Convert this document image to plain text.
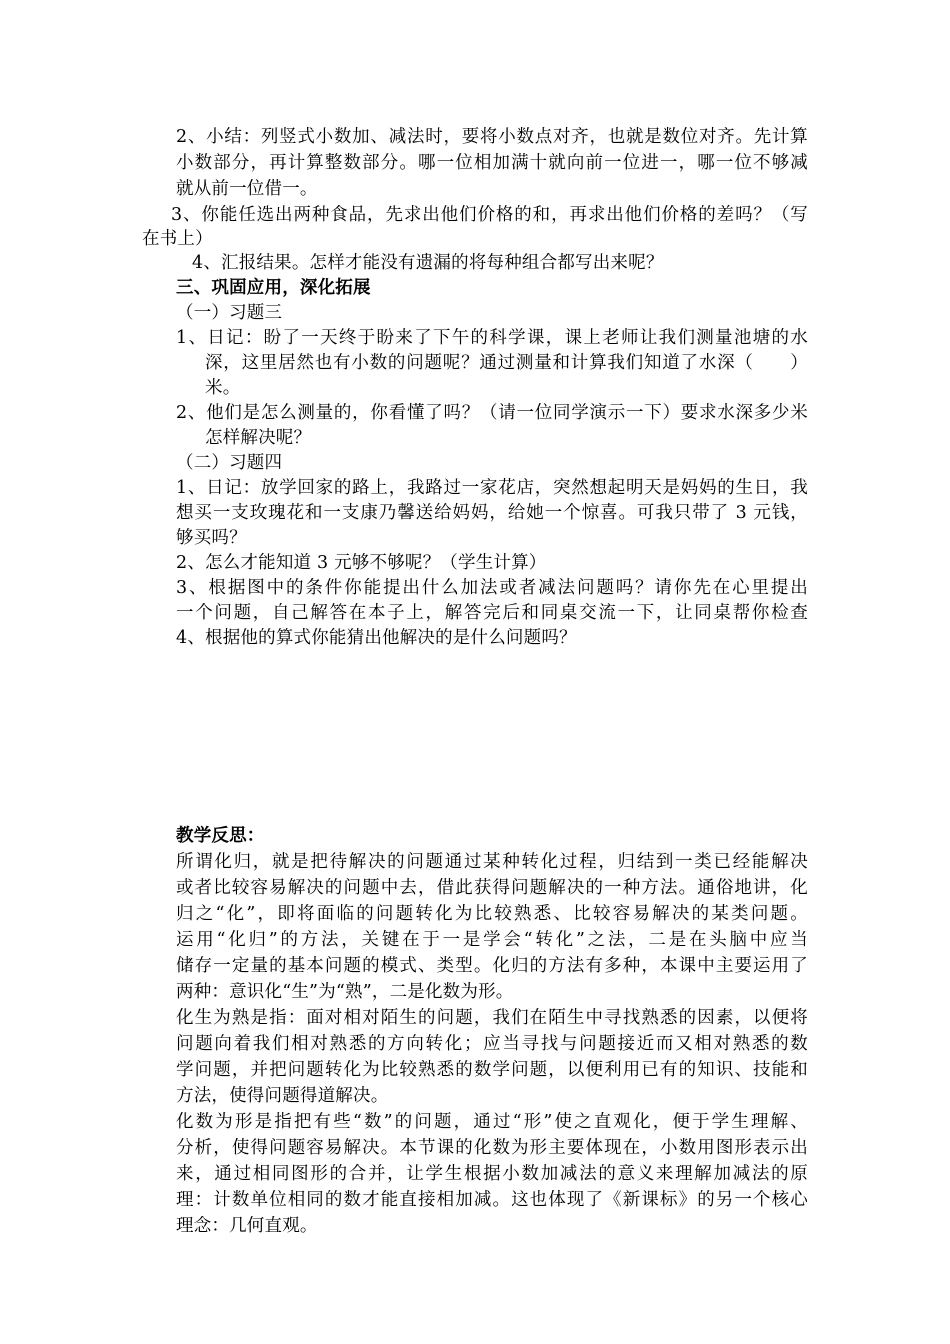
2、小结：列竖式小数加、减法时，要将小数点对齐，也就是数位对齐。先计算
小数部分，再计算整数部分。哪一位相加满十就向前一位进一，哪一位不够减
就从前一位借一。
3、你能任选出两种食品，先求出他们价格的和，再求出他们价格的差吗？（写
在书上）
4、汇报结果。怎样才能没有遗漏的将每种组合都写出来呢？
三、巩固应用，深化拓展
（一）习题三
1、日记：盼了一天终于盼来了下午的科学课，课上老师让我们测量池塘的水
深，这里居然也有小数的问题呢？通过测量和计算我们知道了水深（　　）
米。
2、他们是怎么测量的，你看懂了吗？（请一位同学演示一下）要求水深多少米
怎样解决呢？
（二）习题四
1、日记：放学回家的路上，我路过一家花店，突然想起明天是妈妈的生日，我
想买一支玫瑰花和一支康乃馨送给妈妈，给她一个惊喜。可我只带了 3 元钱，
够买吗？
2、怎么才能知道 3 元够不够呢？（学生计算）
3、根据图中的条件你能提出什么加法或者减法问题吗？请你先在心里提出
一个问题，自己解答在本子上，解答完后和同桌交流一下，让同桌帮你检查
4、根据他的算式你能猜出他解决的是什么问题吗？
教学反思：
所谓化归，就是把待解决的问题通过某种转化过程，归结到一类已经能解决
或者比较容易解决的问题中去，借此获得问题解决的一种方法。通俗地讲，化
归之“化”，即将面临的问题转化为比较熟悉、比较容易解决的某类问题。
运用“化归”的方法，关键在于一是学会“转化”之法，二是在头脑中应当
储存一定量的基本问题的模式、类型。化归的方法有多种，本课中主要运用了
两种：意识化“生”为“熟”，二是化数为形。
化生为熟是指：面对相对陌生的问题，我们在陌生中寻找熟悉的因素，以便将
问题向着我们相对熟悉的方向转化；应当寻找与问题接近而又相对熟悉的数
学问题，并把问题转化为比较熟悉的数学问题，以便利用已有的知识、技能和
方法，使得问题得道解决。
化数为形是指把有些“数”的问题，通过“形”使之直观化，便于学生理解、
分析，使得问题容易解决。本节课的化数为形主要体现在，小数用图形表示出
来，通过相同图形的合并，让学生根据小数加减法的意义来理解加减法的原
理：计数单位相同的数才能直接相加减。这也体现了《新课标》的另一个核心
理念：几何直观。
